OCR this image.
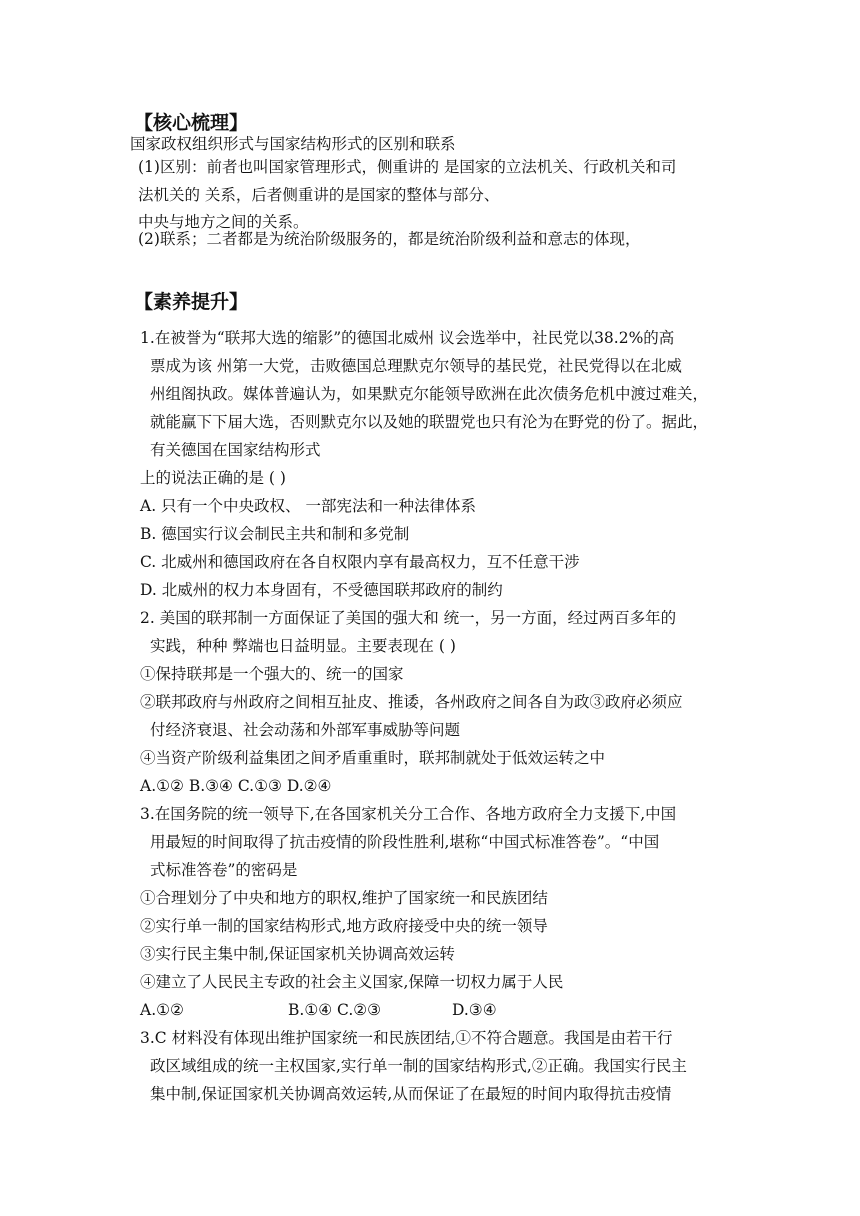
【核心梳理】
国家政权组织形式与国家结构形式的区别和联系
(1)区别：前者也叫国家管理形式，侧重讲的 是国家的立法机关、行政机关和司
法机关的 关系，后者侧重讲的是国家的整体与部分、
中央与地方之间的关系。
(2)联系；二者都是为统治阶级服务的，都是统治阶级利益和意志的体现，
【素养提升】
1.在被誉为“联邦大选的缩影”的德国北威州 议会选举中，社民党以38.2%的高
票成为该 州第一大党，击败德国总理默克尔领导的基民党，社民党得以在北威
州组阁执政。媒体普遍认为，如果默克尔能领导欧洲在此次债务危机中渡过难关，
就能赢下下届大选，否则默克尔以及她的联盟党也只有沦为在野党的份了。据此，
有关德国在国家结构形式
上的说法正确的是 ( )
A. 只有一个中央政权、 一部宪法和一种法律体系
B. 德国实行议会制民主共和制和多党制
C. 北威州和德国政府在各自权限内享有最高权力，互不任意干涉
D. 北威州的权力本身固有，不受德国联邦政府的制约
2. 美国的联邦制一方面保证了美国的强大和 统一，另一方面，经过两百多年的
实践，种种 弊端也日益明显。主要表现在 ( )
①保持联邦是一个强大的、统一的国家
②联邦政府与州政府之间相互扯皮、推诿，各州政府之间各自为政③政府必须应
付经济衰退、社会动荡和外部军事威胁等问题
④当资产阶级利益集团之间矛盾重重时，联邦制就处于低效运转之中
A.①② B.③④ C.①③ D.②④
3.在国务院的统一领导下,在各国家机关分工合作、各地方政府全力支援下,中国
用最短的时间取得了抗击疫情的阶段性胜利,堪称“中国式标准答卷”。“中国
式标准答卷”的密码是
①合理划分了中央和地方的职权,维护了国家统一和民族团结
②实行单一制的国家结构形式,地方政府接受中央的统一领导
③实行民主集中制,保证国家机关协调高效运转
④建立了人民民主专政的社会主义国家,保障一切权力属于人民
A.①②	B.①④ C.②③	D.③④
3.C 材料没有体现出维护国家统一和民族团结,①不符合题意。我国是由若干行
政区域组成的统一主权国家,实行单一制的国家结构形式,②正确。我国实行民主
集中制,保证国家机关协调高效运转,从而保证了在最短的时间内取得抗击疫情
